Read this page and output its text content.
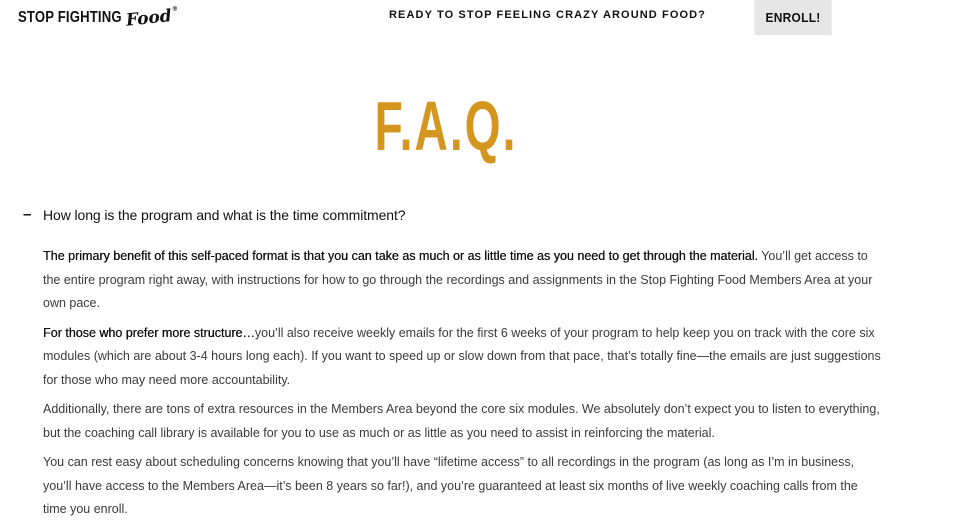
STOP FIGHTING Food®	READY TO STOP FEELING CRAZY AROUND FOOD?	ENROLL!
F.A.Q.
– How long is the program and what is the time commitment?

The primary benefit of this self-paced format is that you can take as much or as little time as you need to get through the material. You’ll get access to the entire program right away, with instructions for how to go through the recordings and assignments in the Stop Fighting Food Members Area at your own pace.

For those who prefer more structure…you’ll also receive weekly emails for the first 6 weeks of your program to help keep you on track with the core six modules (which are about 3-4 hours long each). If you want to speed up or slow down from that pace, that’s totally fine—the emails are just suggestions for those who may need more accountability.

Additionally, there are tons of extra resources in the Members Area beyond the core six modules. We absolutely don’t expect you to listen to everything, but the coaching call library is available for you to use as much or as little as you need to assist in reinforcing the material.

You can rest easy about scheduling concerns knowing that you’ll have “lifetime access” to all recordings in the program (as long as I’m in business, you’ll have access to the Members Area—it’s been 8 years so far!), and you’re guaranteed at least six months of live weekly coaching calls from the time you enroll.
